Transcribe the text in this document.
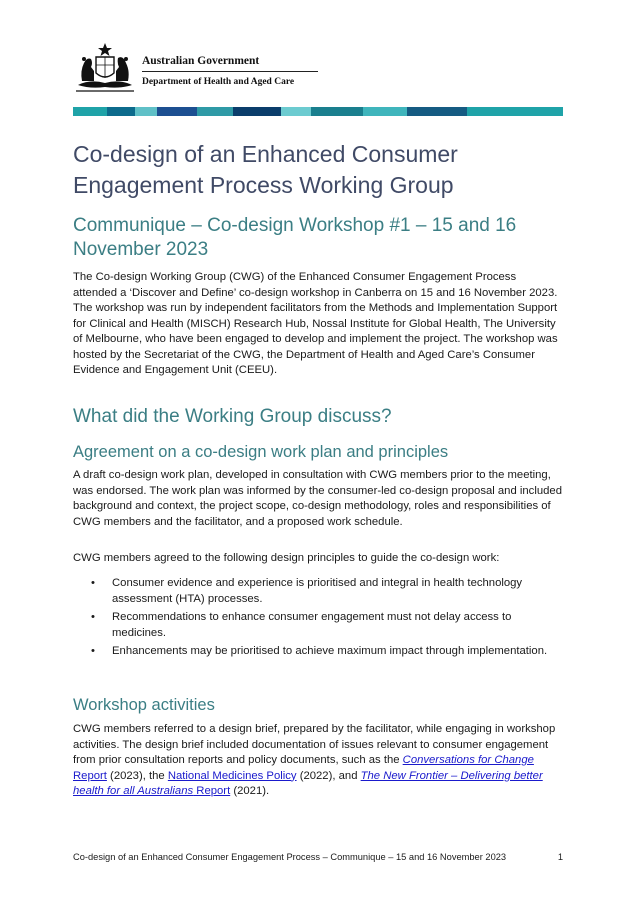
Australian Government
Department of Health and Aged Care
Co-design of an Enhanced Consumer Engagement Process Working Group
Communique – Co-design Workshop #1 – 15 and 16 November 2023

The Co-design Working Group (CWG) of the Enhanced Consumer Engagement Process attended a ‘Discover and Define’ co-design workshop in Canberra on 15 and 16 November 2023. The workshop was run by independent facilitators from the Methods and Implementation Support for Clinical and Health (MISCH) Research Hub, Nossal Institute for Global Health, The University of Melbourne, who have been engaged to develop and implement the project. The workshop was hosted by the Secretariat of the CWG, the Department of Health and Aged Care’s Consumer Evidence and Engagement Unit (CEEU).

What did the Working Group discuss?
Agreement on a co-design work plan and principles

A draft co-design work plan, developed in consultation with CWG members prior to the meeting, was endorsed. The work plan was informed by the consumer-led co-design proposal and included background and context, the project scope, co-design methodology, roles and responsibilities of CWG members and the facilitator, and a proposed work schedule.

CWG members agreed to the following design principles to guide the co-design work:

• Consumer evidence and experience is prioritised and integral in health technology assessment (HTA) processes.
• Recommendations to enhance consumer engagement must not delay access to medicines.
• Enhancements may be prioritised to achieve maximum impact through implementation.
Workshop activities

CWG members referred to a design brief, prepared by the facilitator, while engaging in workshop activities. The design brief included documentation of issues relevant to consumer engagement from prior consultation reports and policy documents, such as the Conversations for Change Report (2023), the National Medicines Policy (2022), and The New Frontier – Delivering better health for all Australians Report (2021).

Co-design of an Enhanced Consumer Engagement Process – Communique – 15 and 16 November 2023	1
